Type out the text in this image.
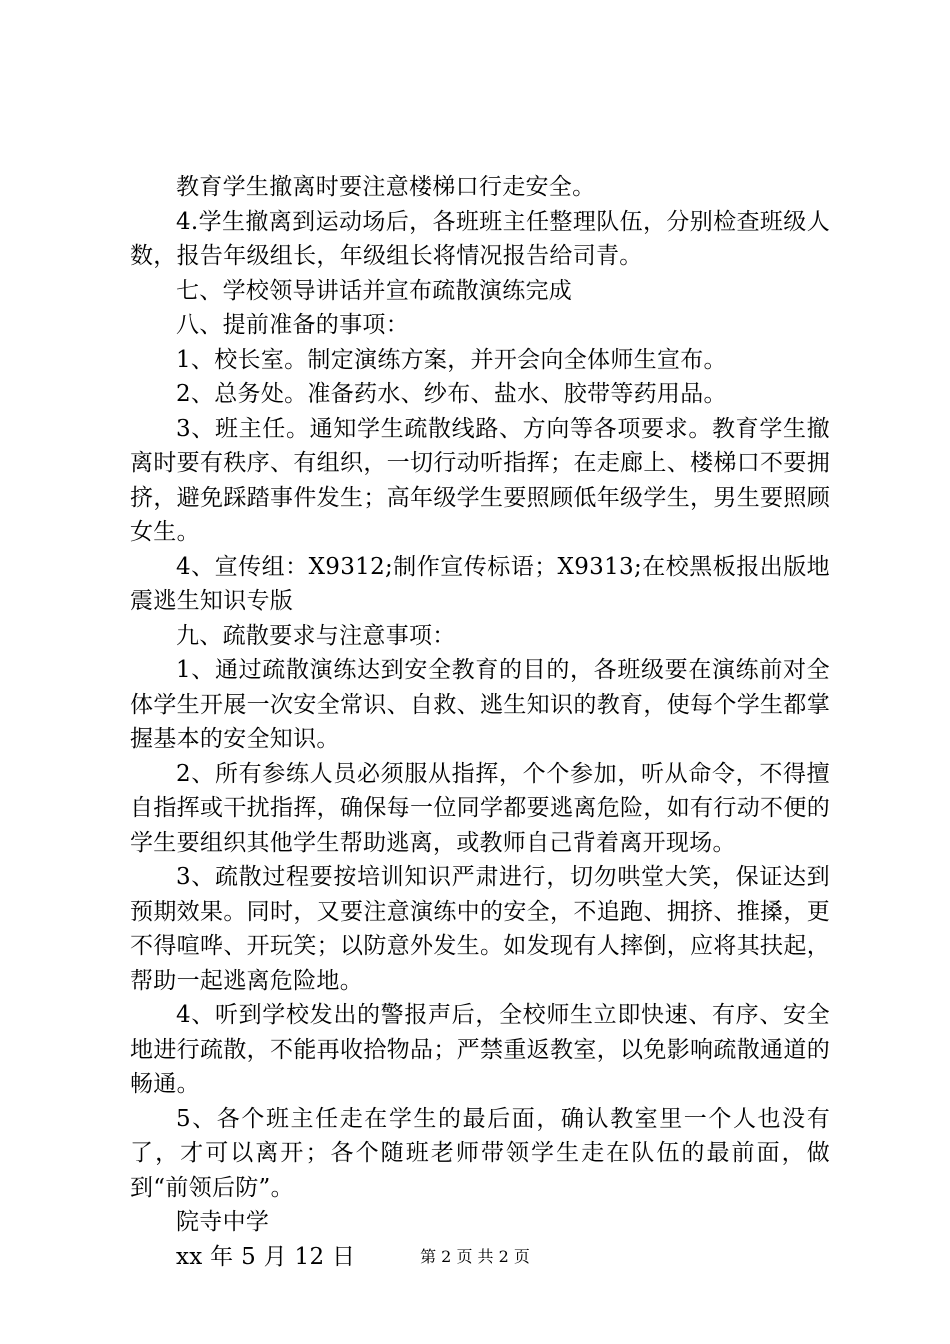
教育学生撤离时要注意楼梯口行走安全。

4.学生撤离到运动场后，各班班主任整理队伍，分别检查班级人数，报告年级组长，年级组长将情况报告给司青。

七、学校领导讲话并宣布疏散演练完成

八、提前准备的事项：

1、校长室。制定演练方案，并开会向全体师生宣布。

2、总务处。准备药水、纱布、盐水、胶带等药用品。

3、班主任。通知学生疏散线路、方向等各项要求。教育学生撤离时要有秩序、有组织，一切行动听指挥；在走廊上、楼梯口不要拥挤，避免踩踏事件发生；高年级学生要照顾低年级学生，男生要照顾女生。

4、宣传组：X9312;制作宣传标语；X9313;在校黑板报出版地震逃生知识专版

九、疏散要求与注意事项：

1、通过疏散演练达到安全教育的目的，各班级要在演练前对全体学生开展一次安全常识、自救、逃生知识的教育，使每个学生都掌握基本的安全知识。

2、所有参练人员必须服从指挥，个个参加，听从命令，不得擅自指挥或干扰指挥，确保每一位同学都要逃离危险，如有行动不便的学生要组织其他学生帮助逃离，或教师自己背着离开现场。

3、疏散过程要按培训知识严肃进行，切勿哄堂大笑，保证达到预期效果。同时，又要注意演练中的安全，不追跑、拥挤、推搡，更不得喧哗、开玩笑；以防意外发生。如发现有人摔倒，应将其扶起，帮助一起逃离危险地。

4、听到学校发出的警报声后，全校师生立即快速、有序、安全地进行疏散，不能再收拾物品；严禁重返教室，以免影响疏散通道的畅通。

5、各个班主任走在学生的最后面，确认教室里一个人也没有了，才可以离开；各个随班老师带领学生走在队伍的最前面，做到“前领后防”。

院寺中学

xx 年 5 月 12 日	第 2 页 共 2 页
